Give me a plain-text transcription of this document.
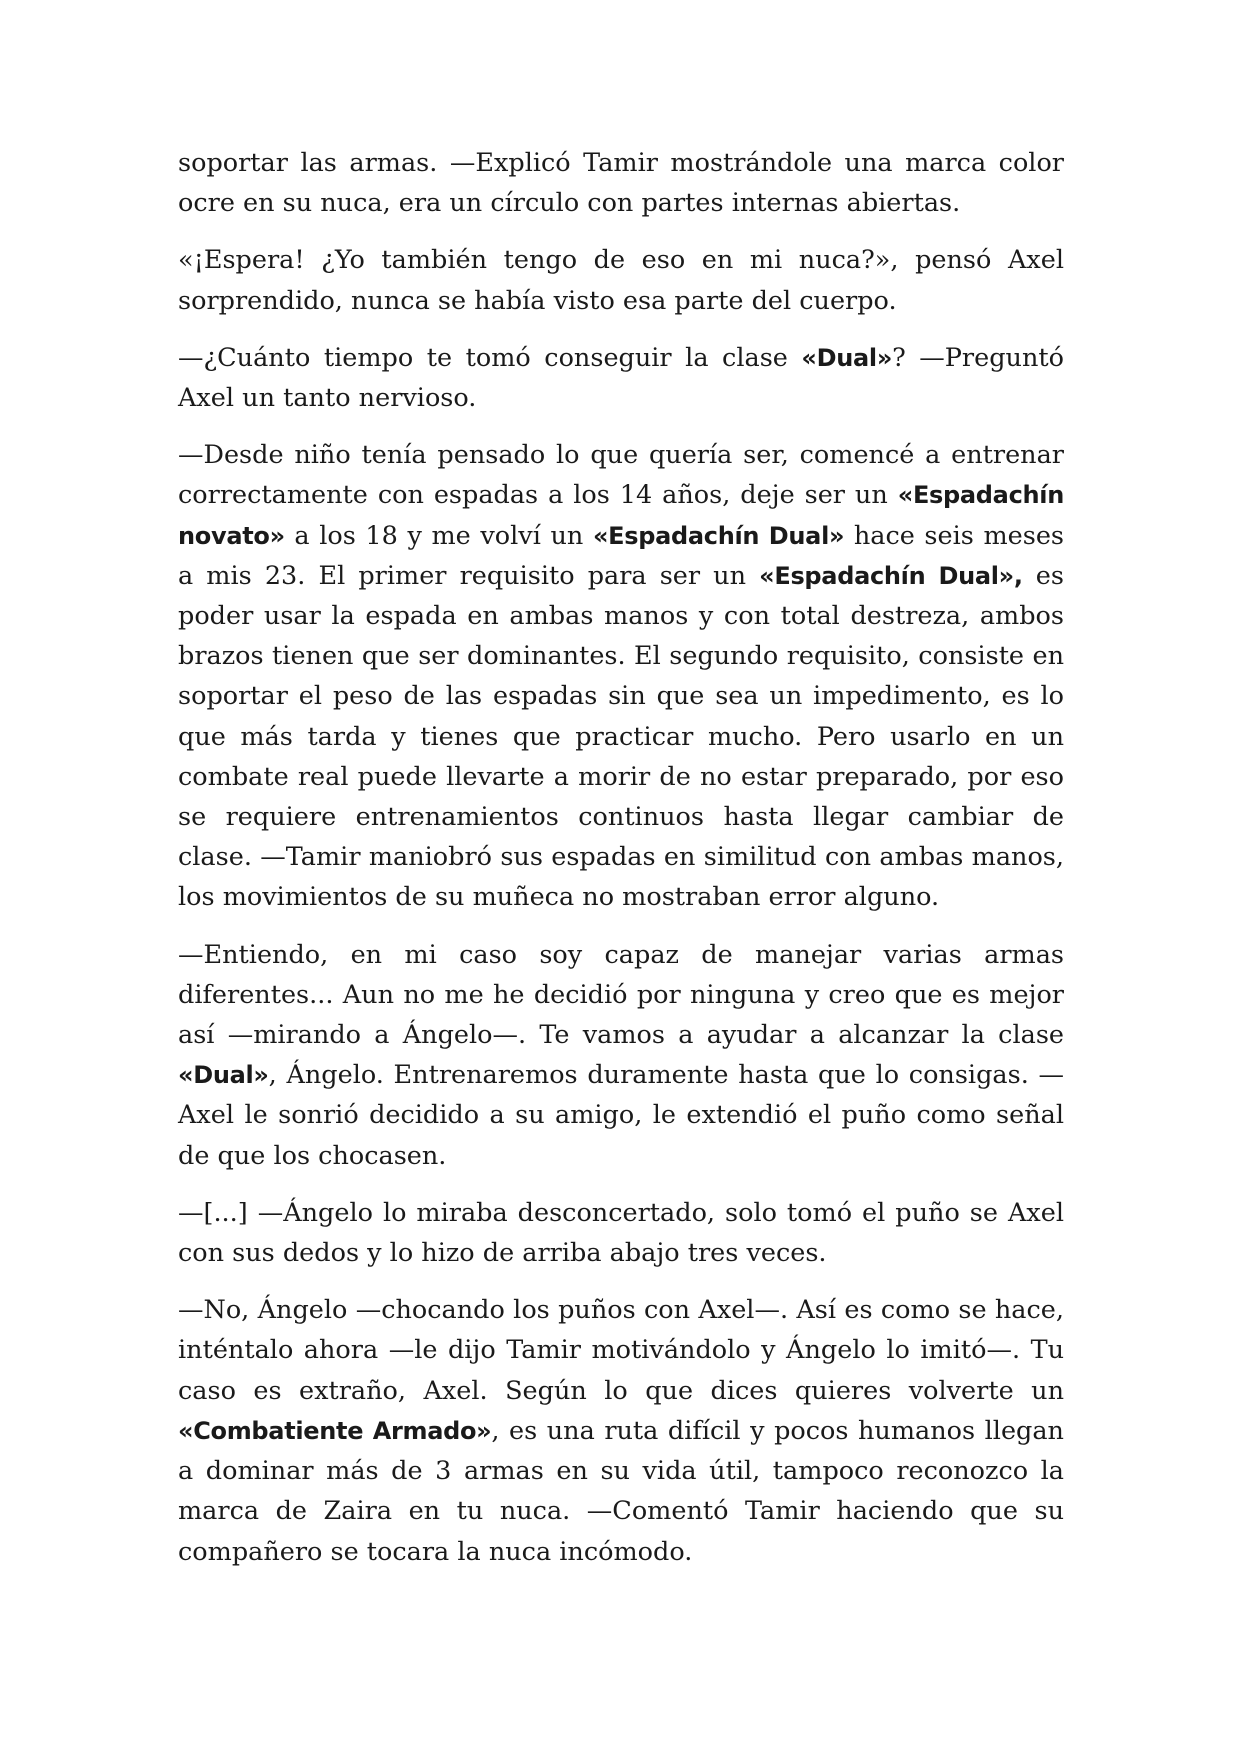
soportar las armas. —Explicó Tamir mostrándole una marca color ocre en su nuca, era un círculo con partes internas abiertas.

«¡Espera! ¿Yo también tengo de eso en mi nuca?», pensó Axel sorprendido, nunca se había visto esa parte del cuerpo.

—¿Cuánto tiempo te tomó conseguir la clase «Dual»? —Preguntó Axel un tanto nervioso.

—Desde niño tenía pensado lo que quería ser, comencé a entrenar correctamente con espadas a los 14 años, deje ser un «Espadachín novato» a los 18 y me volví un «Espadachín Dual» hace seis meses a mis 23. El primer requisito para ser un «Espadachín Dual», es poder usar la espada en ambas manos y con total destreza, ambos brazos tienen que ser dominantes. El segundo requisito, consiste en soportar el peso de las espadas sin que sea un impedimento, es lo que más tarda y tienes que practicar mucho. Pero usarlo en un combate real puede llevarte a morir de no estar preparado, por eso se requiere entrenamientos continuos hasta llegar cambiar de clase. —Tamir maniobró sus espadas en similitud con ambas manos, los movimientos de su muñeca no mostraban error alguno.

—Entiendo, en mi caso soy capaz de manejar varias armas diferentes... Aun no me he decidió por ninguna y creo que es mejor así —mirando a Ángelo—. Te vamos a ayudar a alcanzar la clase «Dual», Ángelo. Entrenaremos duramente hasta que lo consigas. —Axel le sonrió decidido a su amigo, le extendió el puño como señal de que los chocasen.

—[...] —Ángelo lo miraba desconcertado, solo tomó el puño se Axel con sus dedos y lo hizo de arriba abajo tres veces.

—No, Ángelo —chocando los puños con Axel—. Así es como se hace, inténtalo ahora —le dijo Tamir motivándolo y Ángelo lo imitó—. Tu caso es extraño, Axel. Según lo que dices quieres volverte un «Combatiente Armado», es una ruta difícil y pocos humanos llegan a dominar más de 3 armas en su vida útil, tampoco reconozco la marca de Zaira en tu nuca. —Comentó Tamir haciendo que su compañero se tocara la nuca incómodo.
